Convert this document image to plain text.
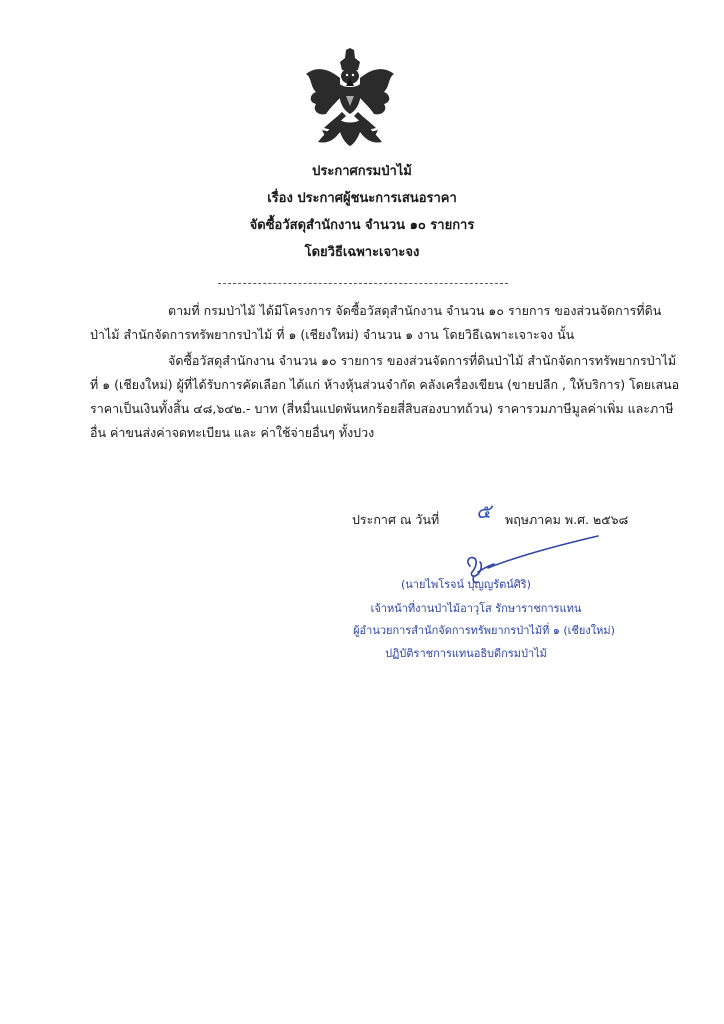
ประกาศกรมป่าไม้
เรื่อง ประกาศผู้ชนะการเสนอราคา
จัดซื้อวัสดุสำนักงาน จำนวน ๑๐ รายการ
โดยวิธีเฉพาะเจาะจง
ตามที่ กรมป่าไม้ ได้มีโครงการ จัดซื้อวัสดุสำนักงาน จำนวน ๑๐ รายการ ของส่วนจัดการที่ดิน
ป่าไม้ สำนักจัดการทรัพยากรป่าไม้ ที่ ๑ (เชียงใหม่) จำนวน ๑ งาน โดยวิธีเฉพาะเจาะจง นั้น
จัดซื้อวัสดุสำนักงาน จำนวน ๑๐ รายการ ของส่วนจัดการที่ดินป่าไม้ สำนักจัดการทรัพยากรป่าไม้
ที่ ๑ (เชียงใหม่) ผู้ที่ได้รับการคัดเลือก ได้แก่ ห้างหุ้นส่วนจำกัด คลังเครื่องเขียน (ขายปลีก , ให้บริการ) โดยเสนอ
ราคาเป็นเงินทั้งสิ้น ๔๘,๖๔๒.- บาท (สี่หมื่นแปดพันหกร้อยสี่สิบสองบาทถ้วน) ราคารวมภาษีมูลค่าเพิ่ม และภาษี
อื่น ค่าขนส่งค่าจดทะเบียน และ ค่าใช้จ่ายอื่นๆ ทั้งปวง
ประกาศ ณ วันที่ ๕ พฤษภาคม พ.ศ. ๒๕๖๘
(นายไพโรจน์ บุญญรัตน์ศิริ)
เจ้าหน้าที่งานป่าไม้อาวุโส รักษาราชการแทน
ผู้อำนวยการสำนักจัดการทรัพยากรป่าไม้ที่ ๑ (เชียงใหม่)
ปฏิบัติราชการแทนอธิบดีกรมป่าไม้
